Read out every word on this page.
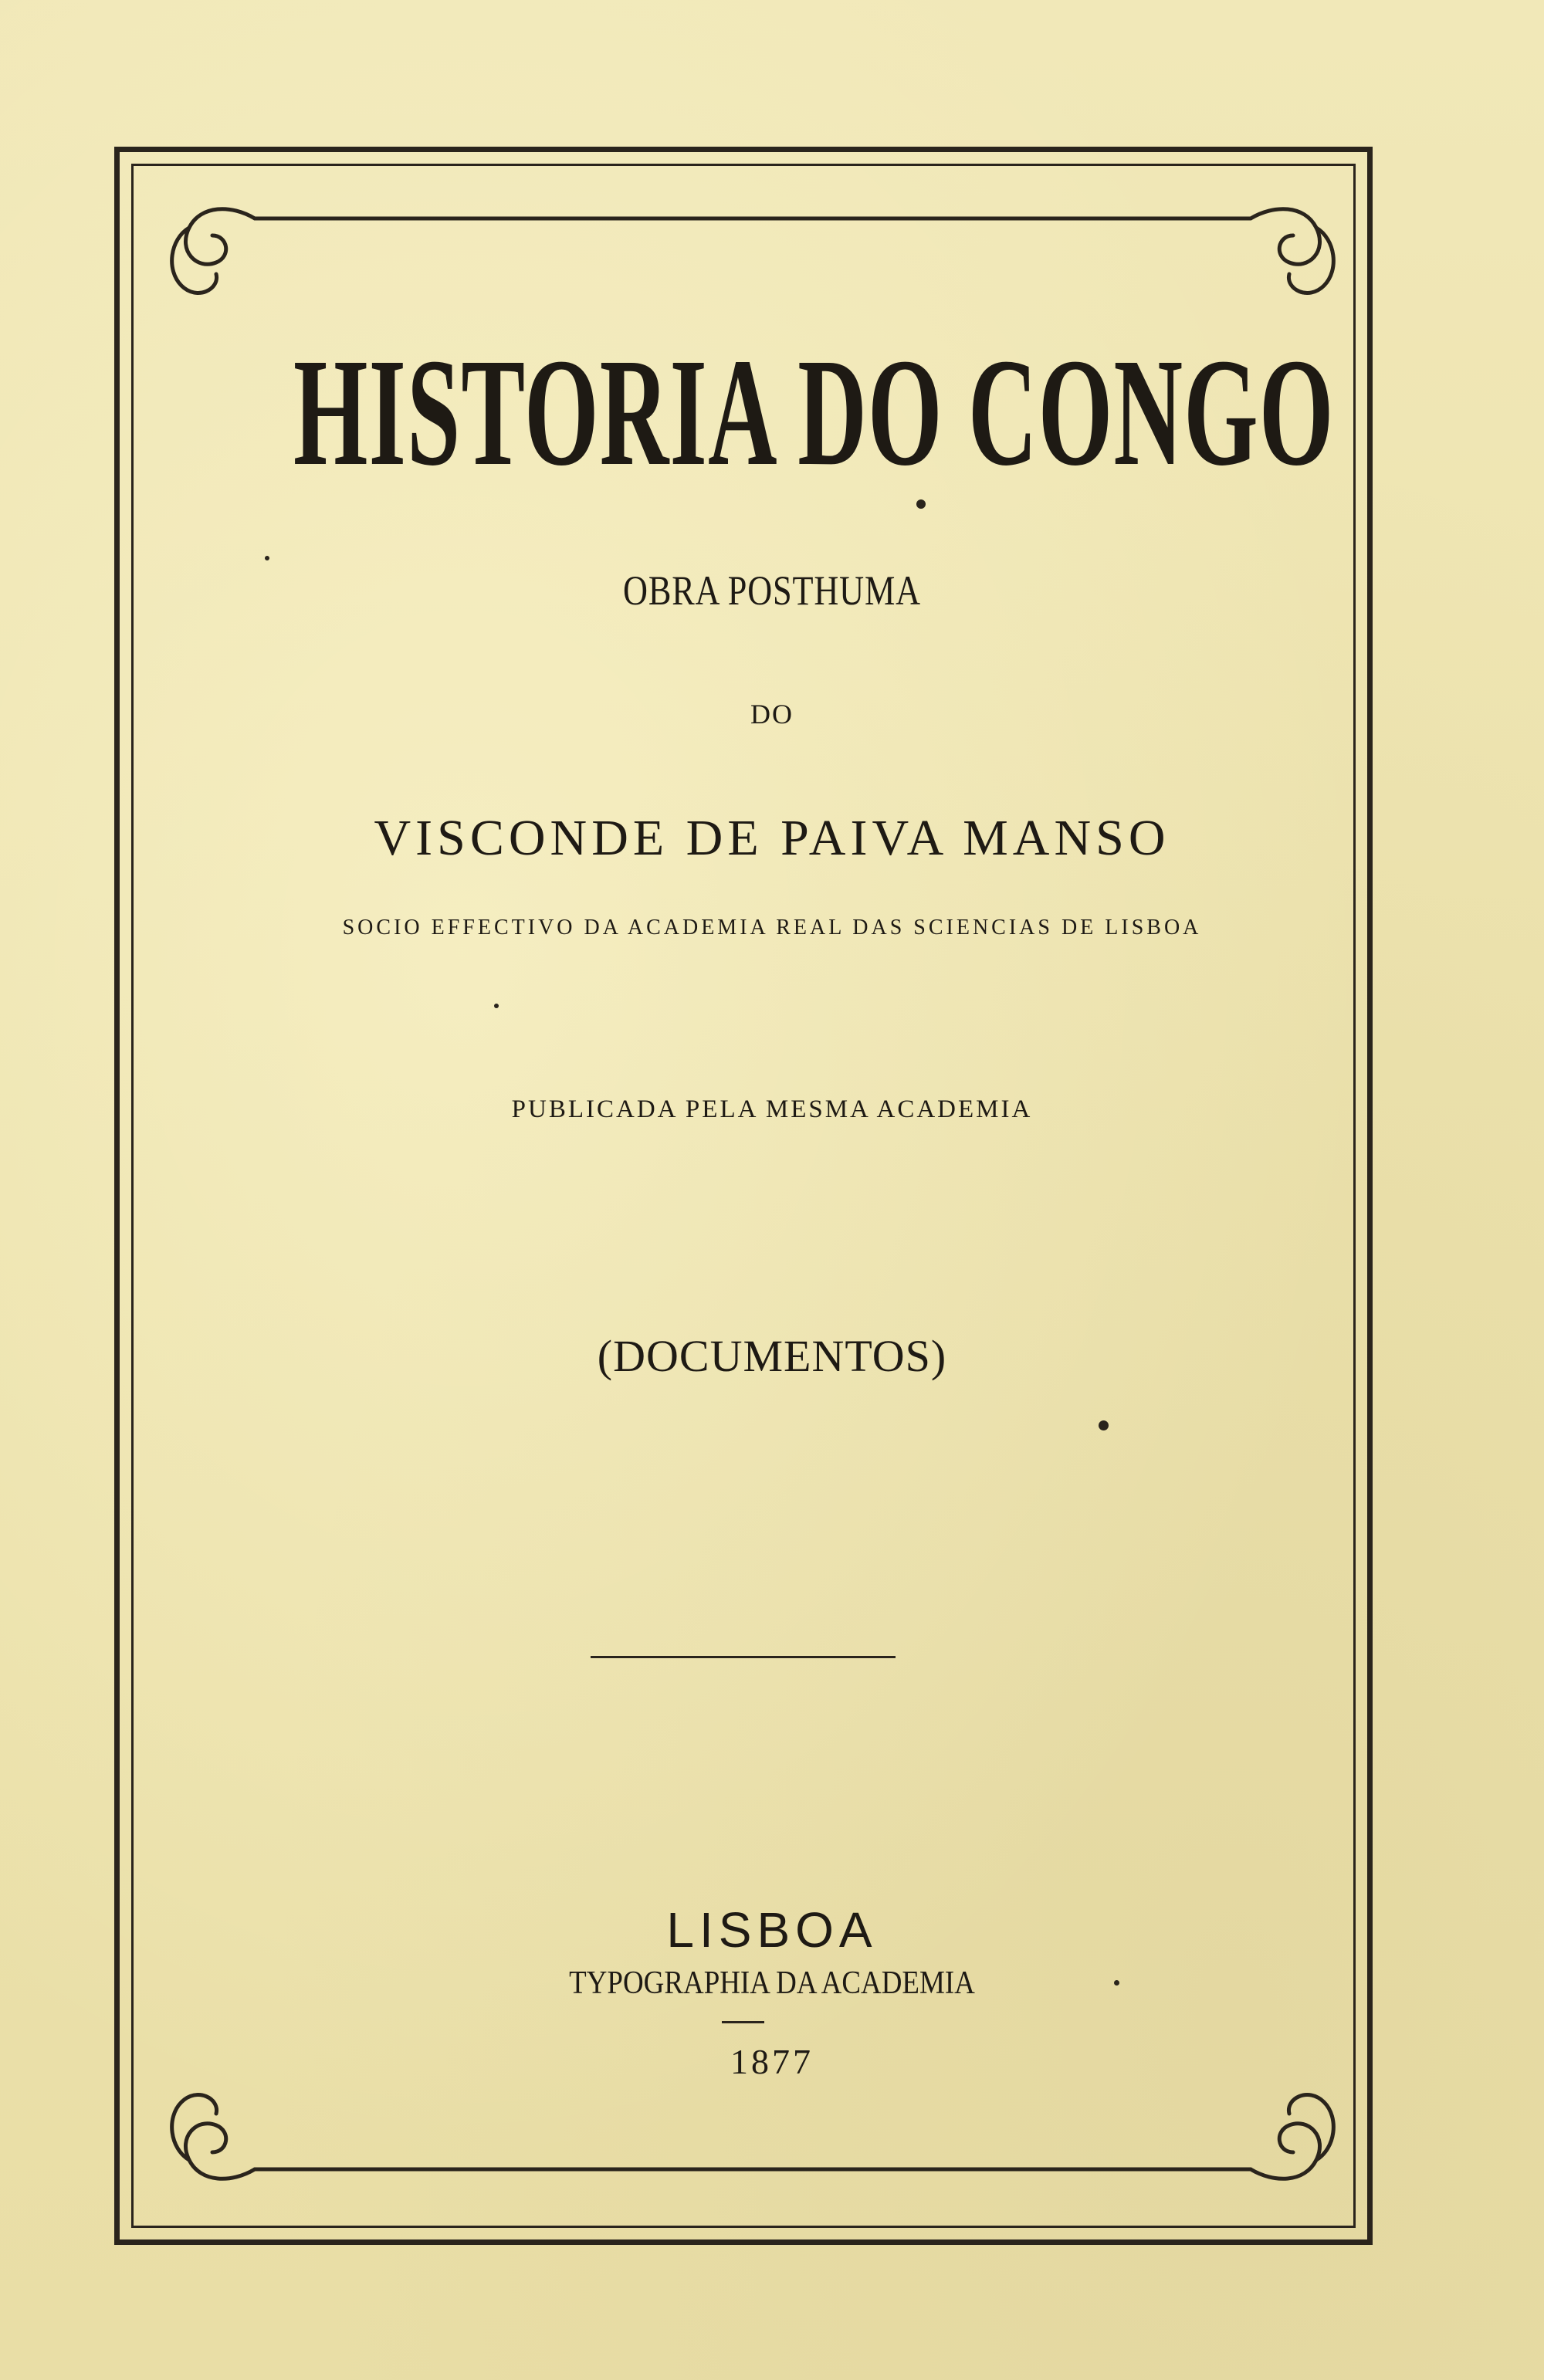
HISTORIA DO CONGO
OBRA POSTHUMA
DO
VISCONDE DE PAIVA MANSO
SOCIO EFFECTIVO DA ACADEMIA REAL DAS SCIENCIAS DE LISBOA
PUBLICADA PELA MESMA ACADEMIA
(DOCUMENTOS)
LISBOA
TYPOGRAPHIA DA ACADEMIA
1877
